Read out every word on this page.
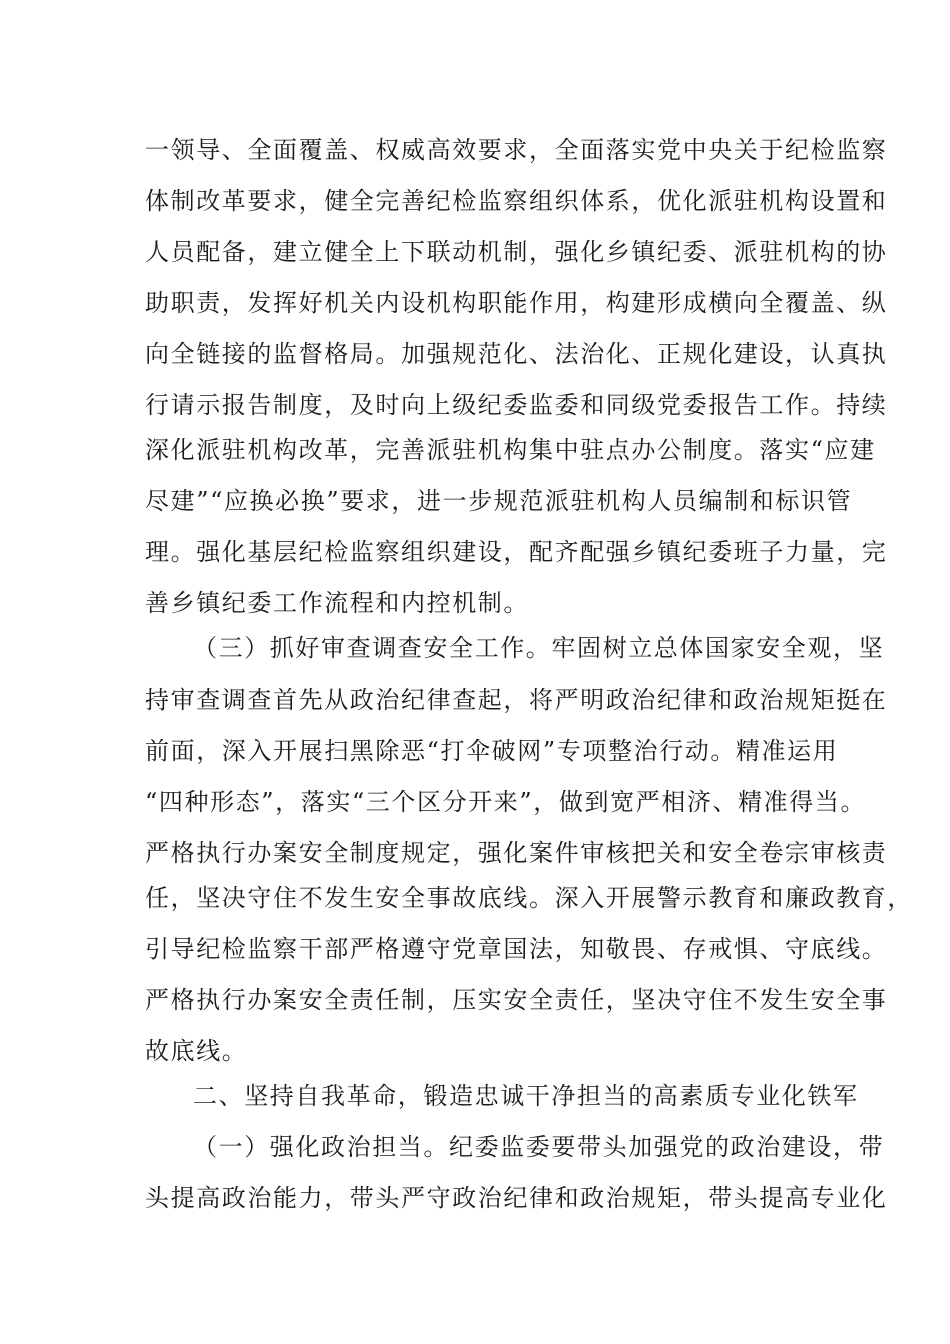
一领导、全面覆盖、权威高效要求，全面落实党中央关于纪检监察
体制改革要求，健全完善纪检监察组织体系，优化派驻机构设置和
人员配备，建立健全上下联动机制，强化乡镇纪委、派驻机构的协
助职责，发挥好机关内设机构职能作用，构建形成横向全覆盖、纵
向全链接的监督格局。加强规范化、法治化、正规化建设，认真执
行请示报告制度，及时向上级纪委监委和同级党委报告工作。持续
深化派驻机构改革，完善派驻机构集中驻点办公制度。落实“应建
尽建”“应换必换”要求，进一步规范派驻机构人员编制和标识管
理。强化基层纪检监察组织建设，配齐配强乡镇纪委班子力量，完
善乡镇纪委工作流程和内控机制。
（三）抓好审查调查安全工作。牢固树立总体国家安全观，坚
持审查调查首先从政治纪律查起，将严明政治纪律和政治规矩挺在
前面，深入开展扫黑除恶“打伞破网”专项整治行动。精准运用
“四种形态”，落实“三个区分开来”，做到宽严相济、精准得当。
严格执行办案安全制度规定，强化案件审核把关和安全卷宗审核责
任，坚决守住不发生安全事故底线。深入开展警示教育和廉政教育，
引导纪检监察干部严格遵守党章国法，知敬畏、存戒惧、守底线。
严格执行办案安全责任制，压实安全责任，坚决守住不发生安全事
故底线。
二、坚持自我革命，锻造忠诚干净担当的高素质专业化铁军
（一）强化政治担当。纪委监委要带头加强党的政治建设，带
头提高政治能力，带头严守政治纪律和政治规矩，带头提高专业化
